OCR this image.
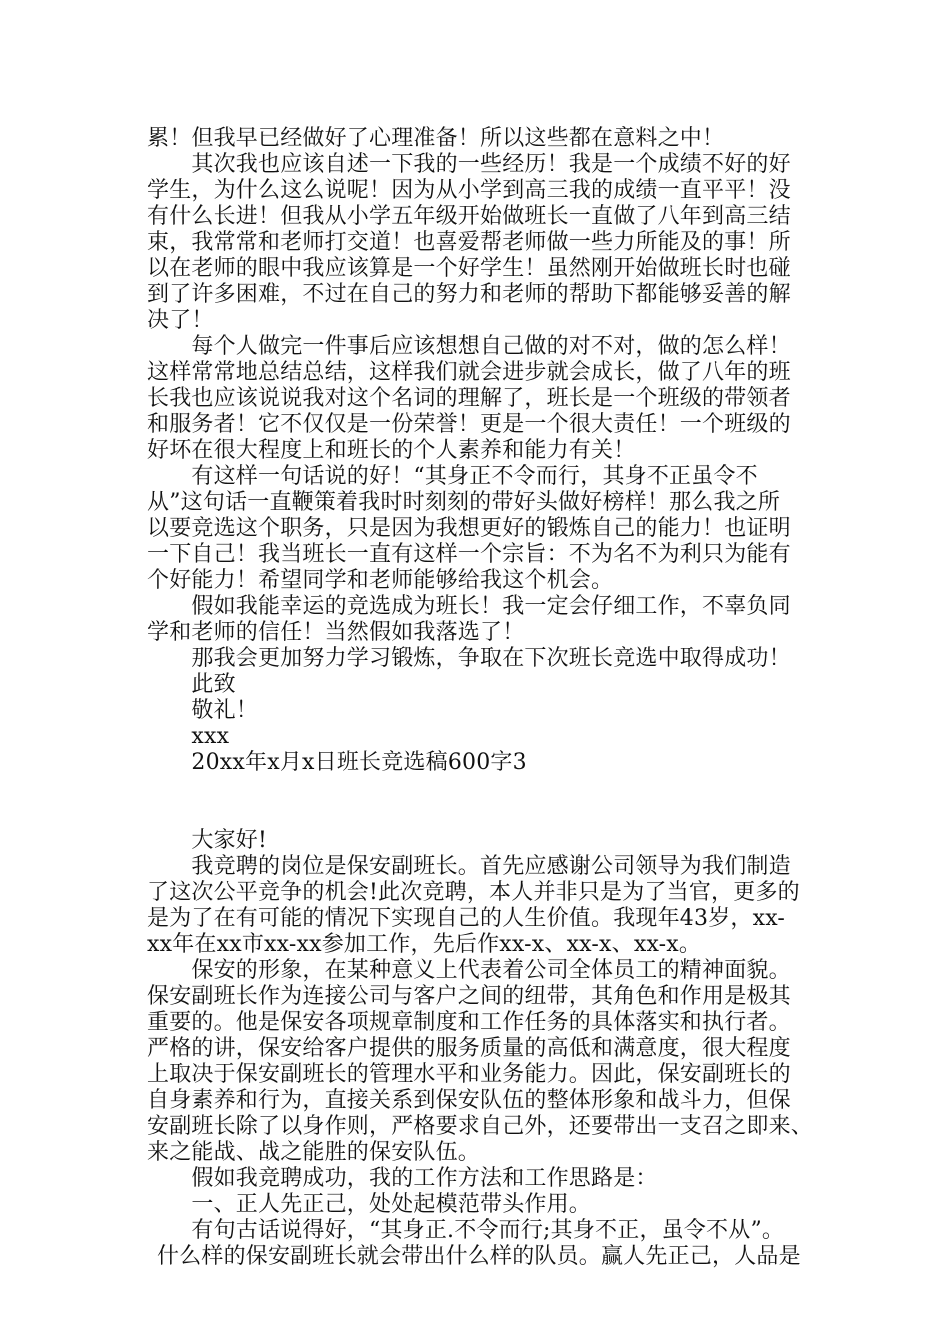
累！但我早已经做好了心理准备！所以这些都在意料之中！
　　其次我也应该自述一下我的一些经历！我是一个成绩不好的好
学生，为什么这么说呢！因为从小学到高三我的成绩一直平平！没
有什么长进！但我从小学五年级开始做班长一直做了八年到高三结
束，我常常和老师打交道！也喜爱帮老师做一些力所能及的事！所
以在老师的眼中我应该算是一个好学生！虽然刚开始做班长时也碰
到了许多困难，不过在自己的努力和老师的帮助下都能够妥善的解
决了！
　　每个人做完一件事后应该想想自己做的对不对，做的怎么样！
这样常常地总结总结，这样我们就会进步就会成长，做了八年的班
长我也应该说说我对这个名词的理解了，班长是一个班级的带领者
和服务者！它不仅仅是一份荣誉！更是一个很大责任！一个班级的
好坏在很大程度上和班长的个人素养和能力有关！
　　有这样一句话说的好！“其身正不令而行，其身不正虽令不
从”这句话一直鞭策着我时时刻刻的带好头做好榜样！那么我之所
以要竞选这个职务，只是因为我想更好的锻炼自己的能力！也证明
一下自己！我当班长一直有这样一个宗旨：不为名不为利只为能有
个好能力！希望同学和老师能够给我这个机会。
　　假如我能幸运的竞选成为班长！我一定会仔细工作，不辜负同
学和老师的信任！当然假如我落选了！
　　那我会更加努力学习锻炼，争取在下次班长竞选中取得成功！
　　此致
　　敬礼！
　　xxx
　　20xx年x月x日班长竞选稿600字3
　　大家好!
　　我竞聘的岗位是保安副班长。首先应感谢公司领导为我们制造
了这次公平竞争的机会!此次竞聘，本人并非只是为了当官，更多的
是为了在有可能的情况下实现自己的人生价值。我现年43岁，xx-
xx年在xx市xx-xx参加工作，先后作xx-x、xx-x、xx-x。
　　保安的形象，在某种意义上代表着公司全体员工的精神面貌。
保安副班长作为连接公司与客户之间的纽带，其角色和作用是极其
重要的。他是保安各项规章制度和工作任务的具体落实和执行者。
严格的讲，保安给客户提供的服务质量的高低和满意度，很大程度
上取决于保安副班长的管理水平和业务能力。因此，保安副班长的
自身素养和行为，直接关系到保安队伍的整体形象和战斗力，但保
安副班长除了以身作则，严格要求自己外，还要带出一支召之即来、
来之能战、战之能胜的保安队伍。
　　假如我竞聘成功，我的工作方法和工作思路是：
　　一、正人先正己，处处起模范带头作用。
　　有句古话说得好，“其身正.不令而行;其身不正，虽令不从”。
什么样的保安副班长就会带出什么样的队员。赢人先正己，人品是
